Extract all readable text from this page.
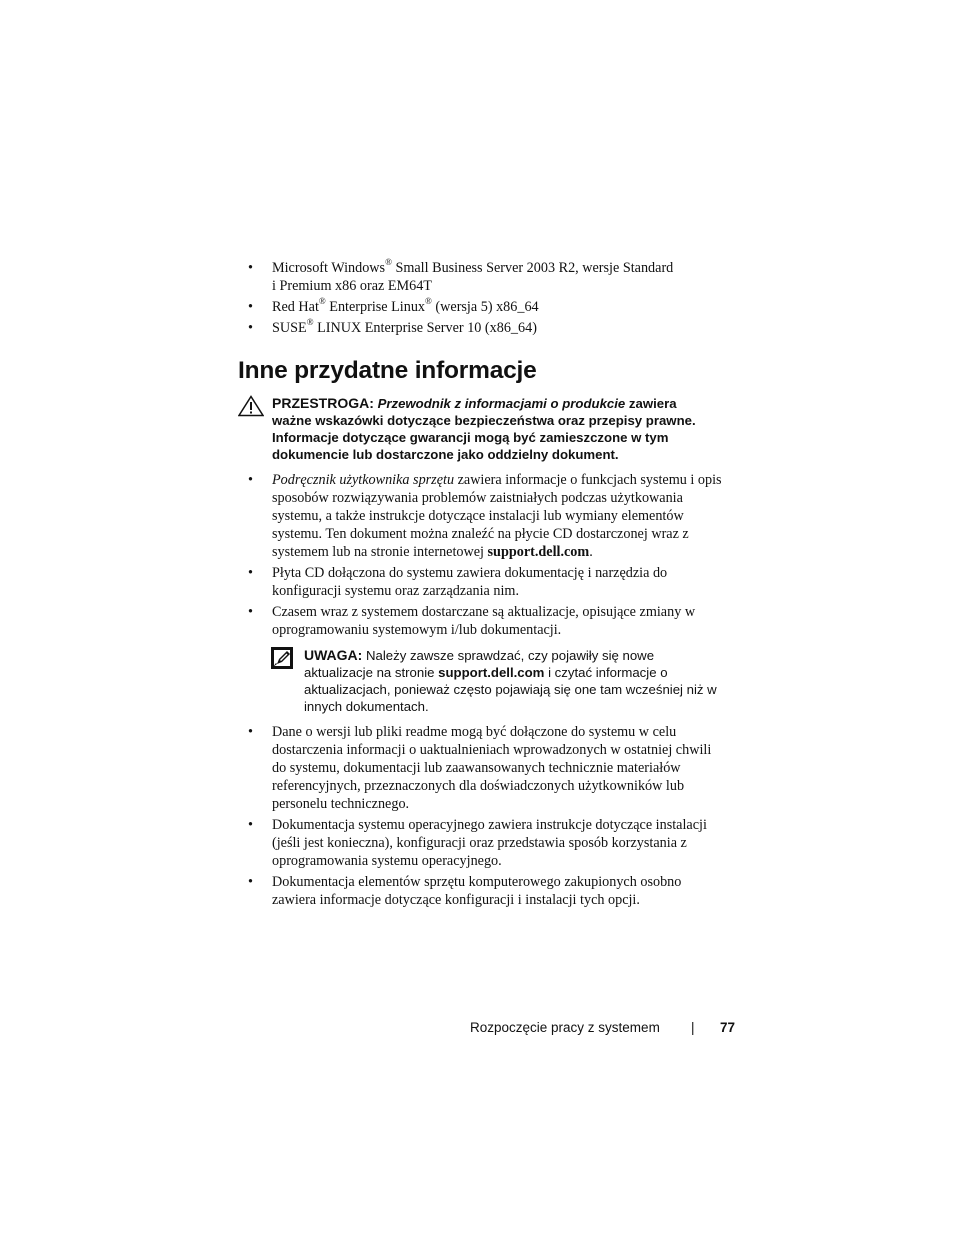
• Microsoft Windows® Small Business Server 2003 R2, wersje Standard
i Premium x86 oraz EM64T
• Red Hat® Enterprise Linux® (wersja 5) x86_64
• SUSE® LINUX Enterprise Server 10 (x86_64)
Inne przydatne informacje
PRZESTROGA: Przewodnik z informacjami o produkcie zawiera
ważne wskazówki dotyczące bezpieczeństwa oraz przepisy prawne.
Informacje dotyczące gwarancji mogą być zamieszczone w tym
dokumencie lub dostarczone jako oddzielny dokument.
• Podręcznik użytkownika sprzętu zawiera informacje o funkcjach systemu i opis sposobów rozwiązywania problemów zaistniałych podczas użytkowania systemu, a także instrukcje dotyczące instalacji lub wymiany elementów systemu. Ten dokument można znaleźć na płycie CD dostarczonej wraz z systemem lub na stronie internetowej support.dell.com.
• Płyta CD dołączona do systemu zawiera dokumentację i narzędzia do konfiguracji systemu oraz zarządzania nim.
• Czasem wraz z systemem dostarczane są aktualizacje, opisujące zmiany w oprogramowaniu systemowym i/lub dokumentacji.
UWAGA: Należy zawsze sprawdzać, czy pojawiły się nowe aktualizacje na stronie support.dell.com i czytać informacje o aktualizacjach, ponieważ często pojawiają się one tam wcześniej niż w innych dokumentach.
• Dane o wersji lub pliki readme mogą być dołączone do systemu w celu dostarczenia informacji o uaktualnieniach wprowadzonych w ostatniej chwili do systemu, dokumentacji lub zaawansowanych technicznie materiałów referencyjnych, przeznaczonych dla doświadczonych użytkowników lub personelu technicznego.
• Dokumentacja systemu operacyjnego zawiera instrukcje dotyczące instalacji (jeśli jest konieczna), konfiguracji oraz przedstawia sposób korzystania z oprogramowania systemu operacyjnego.
• Dokumentacja elementów sprzętu komputerowego zakupionych osobno zawiera informacje dotyczące konfiguracji i instalacji tych opcji.
Rozpoczęcie pracy z systemem | 77
